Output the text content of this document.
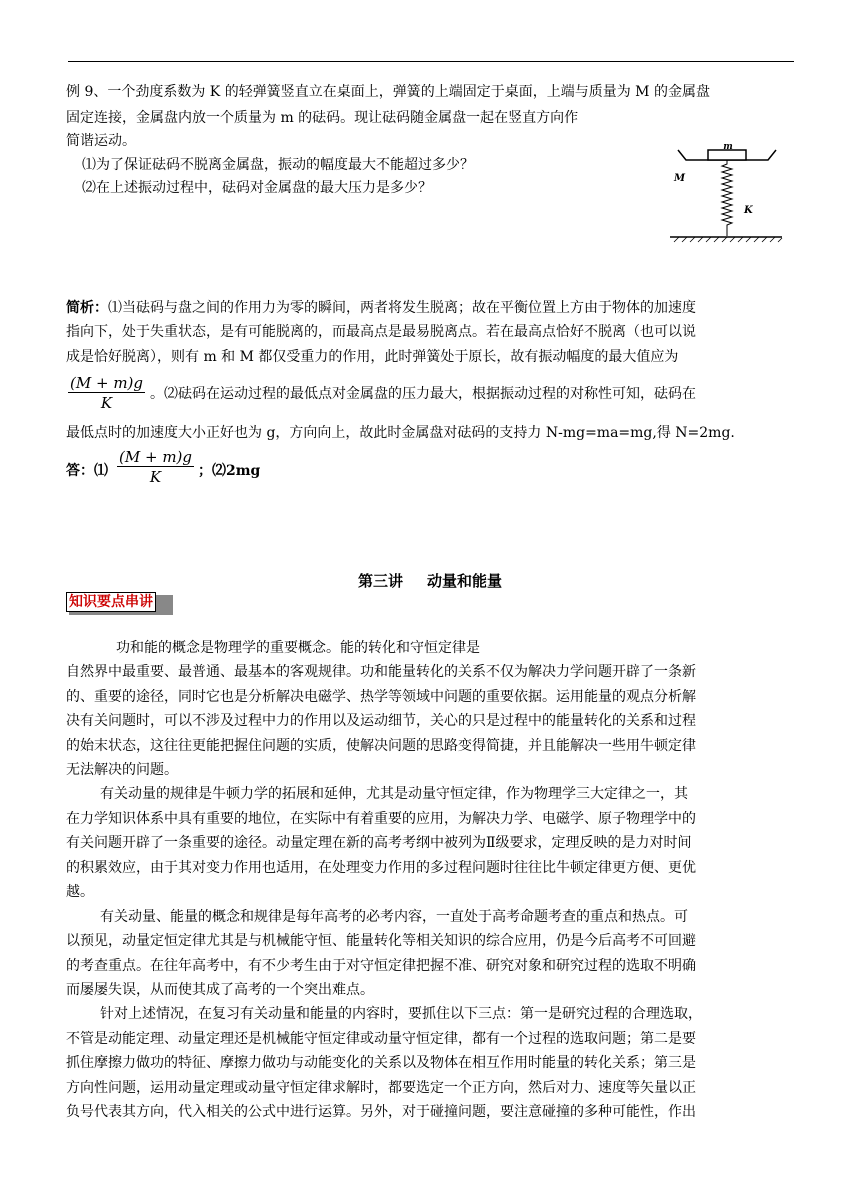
例 9、一个劲度系数为 K 的轻弹簧竖直立在桌面上，弹簧的上端固定于桌面，上端与质量为 M 的金属盘
固定连接，金属盘内放一个质量为 m 的砝码。现让砝码随金属盘一起在竖直方向作
简谐运动。
⑴为了保证砝码不脱离金属盘，振动的幅度最大不能超过多少？
⑵在上述振动过程中，砝码对金属盘的最大压力是多少？
m
M
K
简析：⑴当砝码与盘之间的作用力为零的瞬间，两者将发生脱离；故在平衡位置上方由于物体的加速度
指向下，处于失重状态，是有可能脱离的，而最高点是最易脱离点。若在最高点恰好不脱离（也可以说
成是恰好脱离），则有 m 和 M 都仅受重力的作用，此时弹簧处于原长，故有振动幅度的最大值应为
$\frac{(M + m)g}{K}$ 。⑵砝码在运动过程的最低点对金属盘的压力最大，根据振动过程的对称性可知，砝码在
最低点时的加速度大小正好也为 g，方向向上，故此时金属盘对砝码的支持力 N-mg=ma=mg,得 N=2mg.
答：⑴ $\frac{(M + m)g}{K}$ ；⑵2mg
第三讲 动量和能量
知识要点串讲
功和能的概念是物理学的重要概念。能的转化和守恒定律是
自然界中最重要、最普通、最基本的客观规律。功和能量转化的关系不仅为解决力学问题开辟了一条新
的、重要的途径，同时它也是分析解决电磁学、热学等领域中问题的重要依据。运用能量的观点分析解
决有关问题时，可以不涉及过程中力的作用以及运动细节，关心的只是过程中的能量转化的关系和过程
的始末状态，这往往更能把握住问题的实质，使解决问题的思路变得简捷，并且能解决一些用牛顿定律
无法解决的问题。
有关动量的规律是牛顿力学的拓展和延伸，尤其是动量守恒定律，作为物理学三大定律之一，其
在力学知识体系中具有重要的地位，在实际中有着重要的应用，为解决力学、电磁学、原子物理学中的
有关问题开辟了一条重要的途径。动量定理在新的高考考纲中被列为Ⅱ级要求，定理反映的是力对时间
的积累效应，由于其对变力作用也适用，在处理变力作用的多过程问题时往往比牛顿定律更方便、更优
越。
有关动量、能量的概念和规律是每年高考的必考内容，一直处于高考命题考查的重点和热点。可
以预见，动量定恒定律尤其是与机械能守恒、能量转化等相关知识的综合应用，仍是今后高考不可回避
的考查重点。在往年高考中，有不少考生由于对守恒定律把握不准、研究对象和研究过程的选取不明确
而屡屡失误，从而使其成了高考的一个突出难点。
针对上述情况，在复习有关动量和能量的内容时，要抓住以下三点：第一是研究过程的合理选取，
不管是动能定理、动量定理还是机械能守恒定律或动量守恒定律，都有一个过程的选取问题；第二是要
抓住摩擦力做功的特征、摩擦力做功与动能变化的关系以及物体在相互作用时能量的转化关系；第三是
方向性问题，运用动量定理或动量守恒定律求解时，都要选定一个正方向，然后对力、速度等矢量以正
负号代表其方向，代入相关的公式中进行运算。另外，对于碰撞问题，要注意碰撞的多种可能性，作出
